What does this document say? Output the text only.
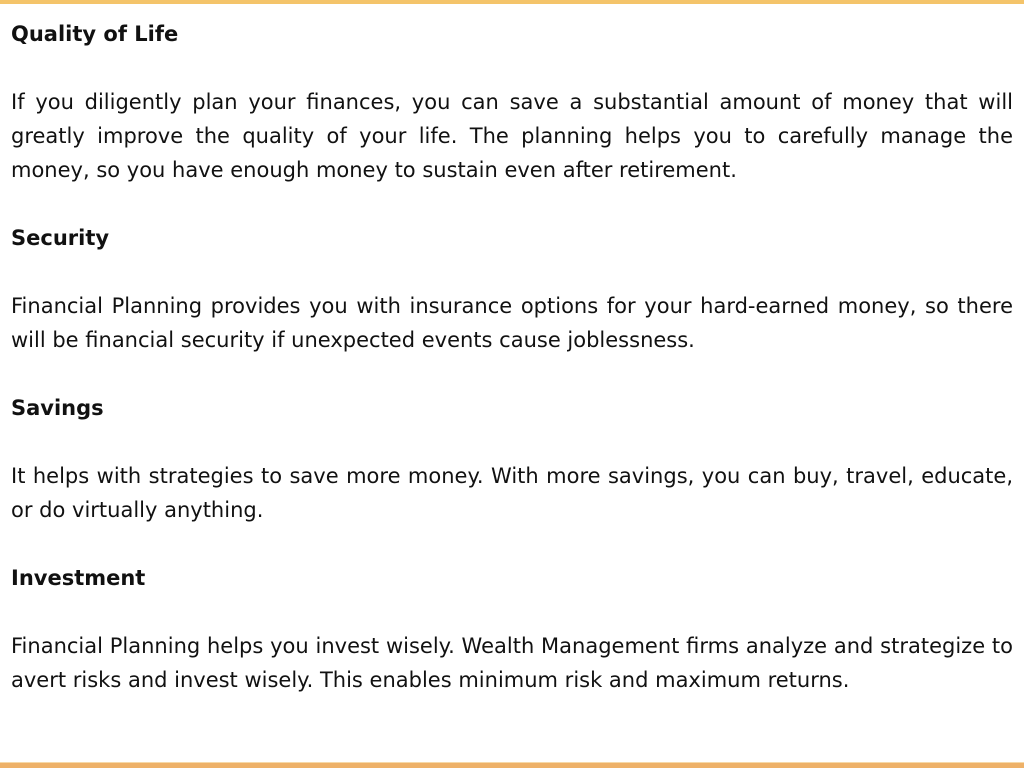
Quality of Life

If you diligently plan your finances, you can save a substantial amount of money that will greatly improve the quality of your life. The planning helps you to carefully manage the money, so you have enough money to sustain even after retirement.

Security

Financial Planning provides you with insurance options for your hard-earned money, so there will be financial security if unexpected events cause joblessness.

Savings

It helps with strategies to save more money. With more savings, you can buy, travel, educate, or do virtually anything.

Investment

Financial Planning helps you invest wisely. Wealth Management firms analyze and strategize to avert risks and invest wisely. This enables minimum risk and maximum returns.
